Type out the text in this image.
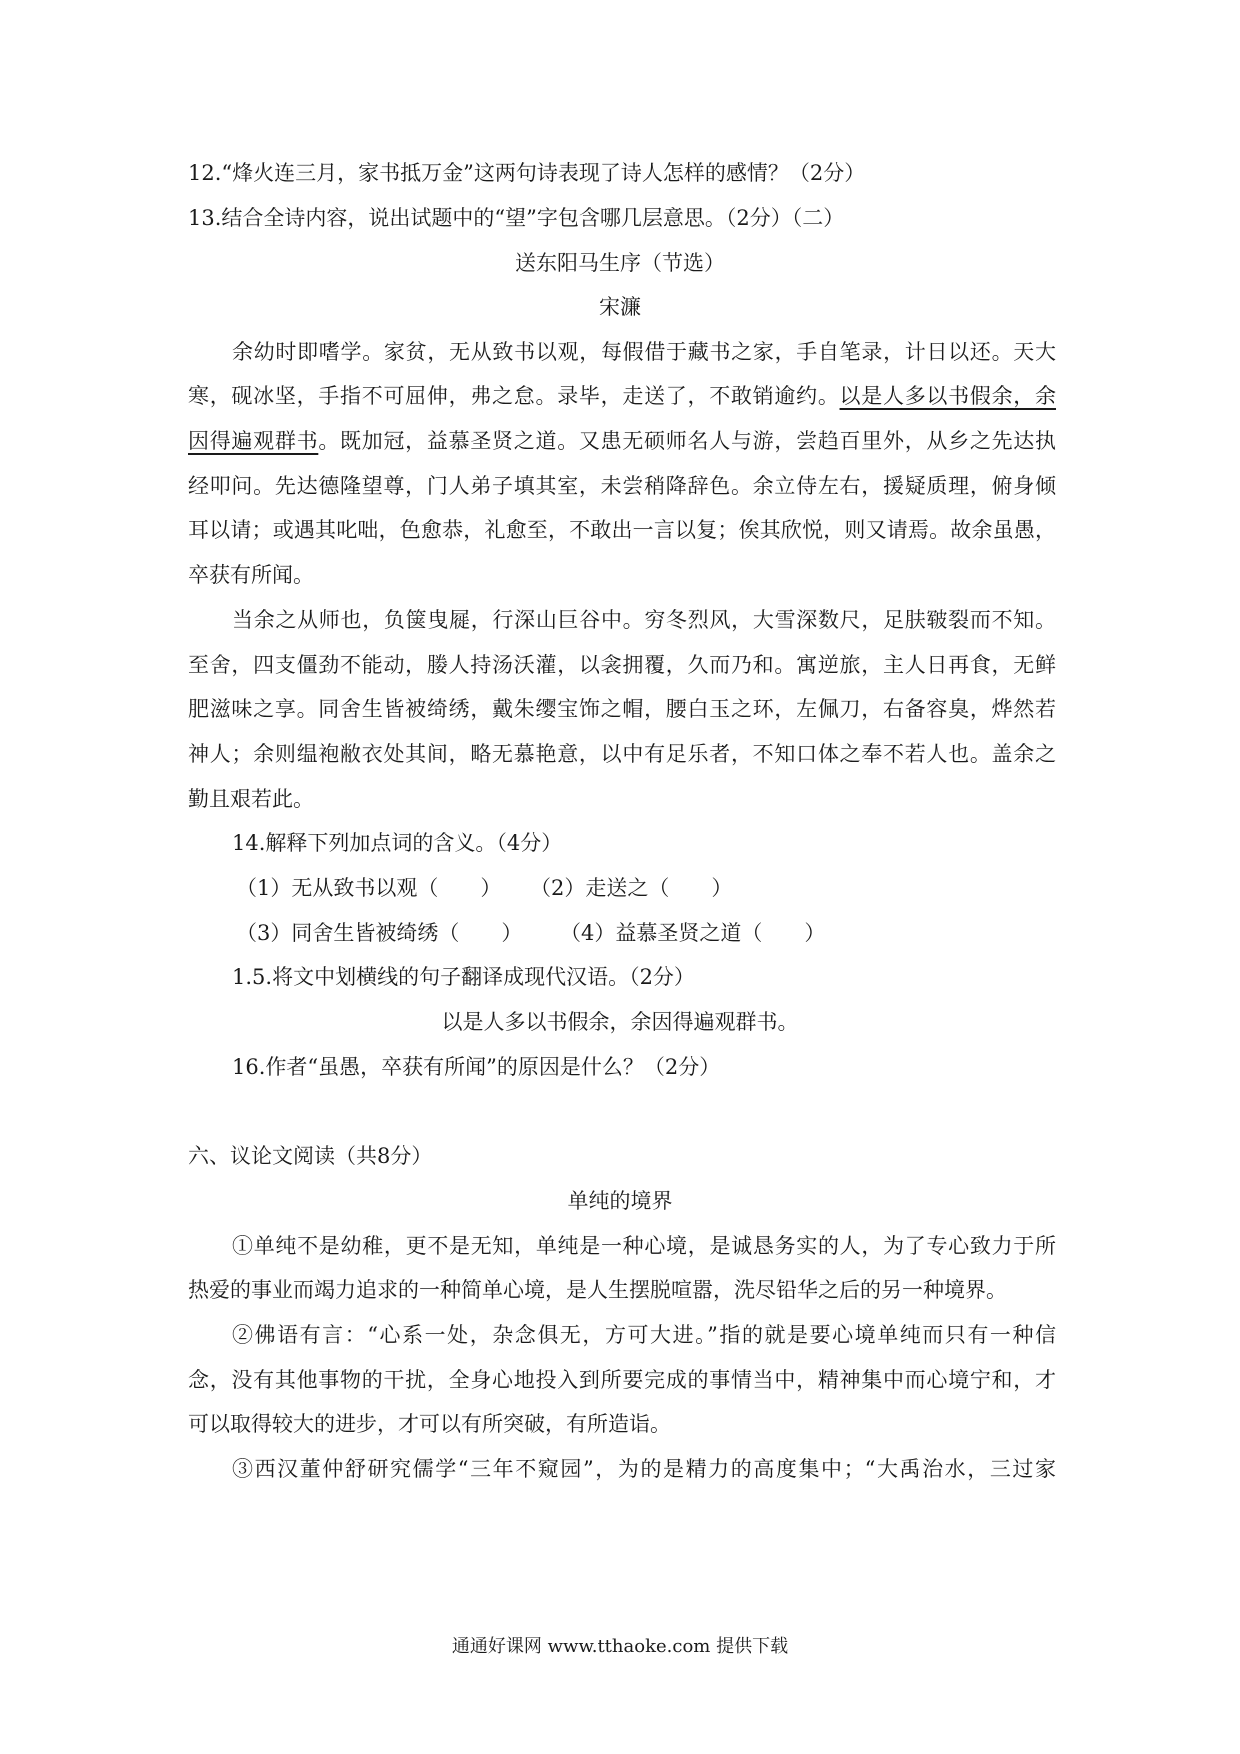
12.“烽火连三月，家书抵万金”这两句诗表现了诗人怎样的感情？（2分）
13.结合全诗内容，说出试题中的“望”字包含哪几层意思。（2分）（二）
送东阳马生序（节选）
宋濂
余幼时即嗜学。家贫，无从致书以观，每假借于藏书之家，手自笔录，计日以还。天大
寒，砚冰坚，手指不可屈伸，弗之怠。录毕，走送了，不敢销逾约。以是人多以书假余，余
因得遍观群书。既加冠，益慕圣贤之道。又患无硕师名人与游，尝趋百里外，从乡之先达执
经叩问。先达德隆望尊，门人弟子填其室，未尝稍降辞色。余立侍左右，援疑质理，俯身倾
耳以请；或遇其叱咄，色愈恭，礼愈至，不敢出一言以复；俟其欣悦，则又请焉。故余虽愚，
卒获有所闻。
当余之从师也，负箧曳屣，行深山巨谷中。穷冬烈风，大雪深数尺，足肤皲裂而不知。
至舍，四支僵劲不能动，媵人持汤沃灌，以衾拥覆，久而乃和。寓逆旅，主人日再食，无鲜
肥滋味之享。同舍生皆被绮绣，戴朱缨宝饰之帽，腰白玉之环，左佩刀，右备容臭，烨然若
神人；余则缊袍敝衣处其间，略无慕艳意，以中有足乐者，不知口体之奉不若人也。盖余之
勤且艰若此。
14.解释下列加点词的含义。（4分）
（1）无从致书以观（　　） （2）走送之（　　）
（3）同舍生皆被绮绣（　　） （4）益慕圣贤之道（　　）
1.5.将文中划横线的句子翻译成现代汉语。（2分）
以是人多以书假余，余因得遍观群书。
16.作者“虽愚，卒获有所闻”的原因是什么？（2分）
六、议论文阅读（共8分）
单纯的境界
①单纯不是幼稚，更不是无知，单纯是一种心境，是诚恳务实的人，为了专心致力于所
热爱的事业而竭力追求的一种简单心境，是人生摆脱喧嚣，洗尽铅华之后的另一种境界。
②佛语有言：“心系一处，杂念俱无，方可大进。”指的就是要心境单纯而只有一种信
念，没有其他事物的干扰，全身心地投入到所要完成的事情当中，精神集中而心境宁和，才
可以取得较大的进步，才可以有所突破，有所造诣。
③西汉董仲舒研究儒学“三年不窥园”，为的是精力的高度集中；“大禹治水，三过家
通通好课网 www.tthaoke.com 提供下载
